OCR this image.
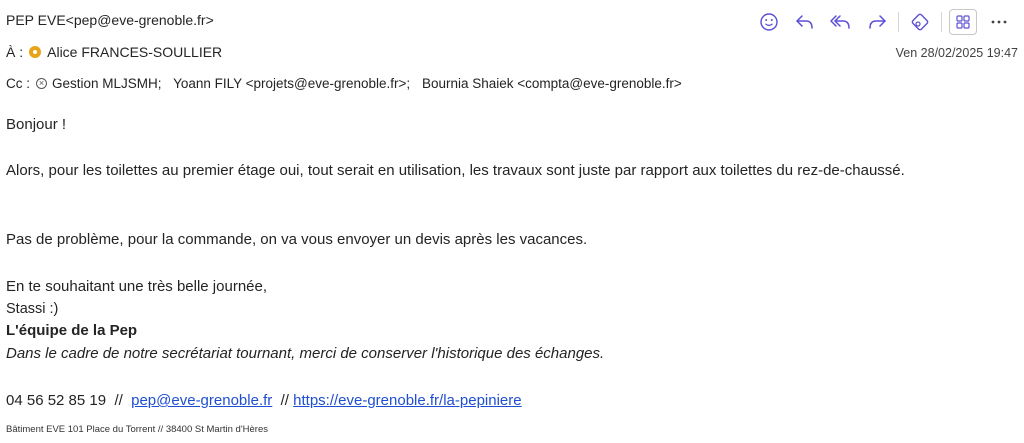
PEP EVE<pep@eve-grenoble.fr>
À : Alice FRANCES-SOULLIER	Ven 28/02/2025 19:47
Cc : × Gestion MLJSMH; Yoann FILY <projets@eve-grenoble.fr>; Bournia Shaiek <compta@eve-grenoble.fr>

Bonjour !

Alors, pour les toilettes au premier étage oui, tout serait en utilisation, les travaux sont juste par rapport aux toilettes du rez-de-chaussé.

Pas de problème, pour la commande, on va vous envoyer un devis après les vacances.

En te souhaitant une très belle journée,

Stassi :)

L'équipe de la Pep

Dans le cadre de notre secrétariat tournant, merci de conserver l'historique des échanges.

04 56 52 85 19 // pep@eve-grenoble.fr // https://eve-grenoble.fr/la-pepiniere

Bâtiment EVE 101 Place du Torrent // 38400 St Martin d'Hères
